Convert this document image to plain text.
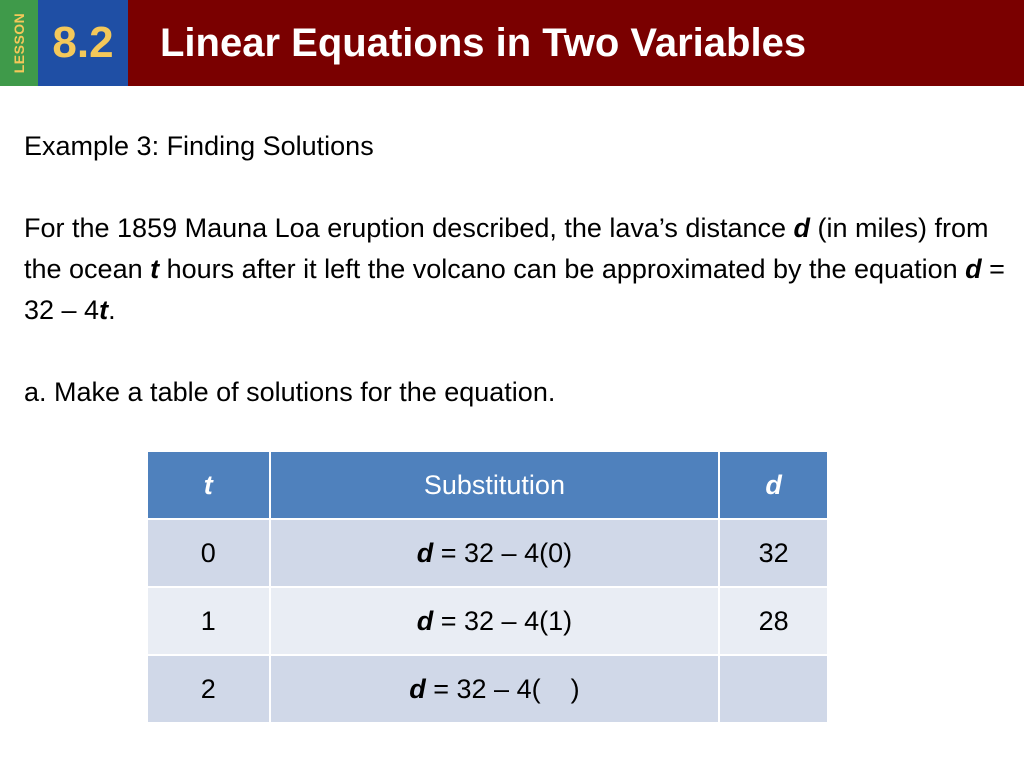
LESSON 8.2 Linear Equations in Two Variables

Example 3: Finding Solutions

For the 1859 Mauna Loa eruption described, the lava’s distance d (in miles) from the ocean t hours after it left the volcano can be approximated by the equation d = 32 – 4t.

a. Make a table of solutions for the equation.

t	Substitution	d
0	d = 32 – 4(0)	32
1	d = 32 – 4(1)	28
2	d = 32 – 4( )	
